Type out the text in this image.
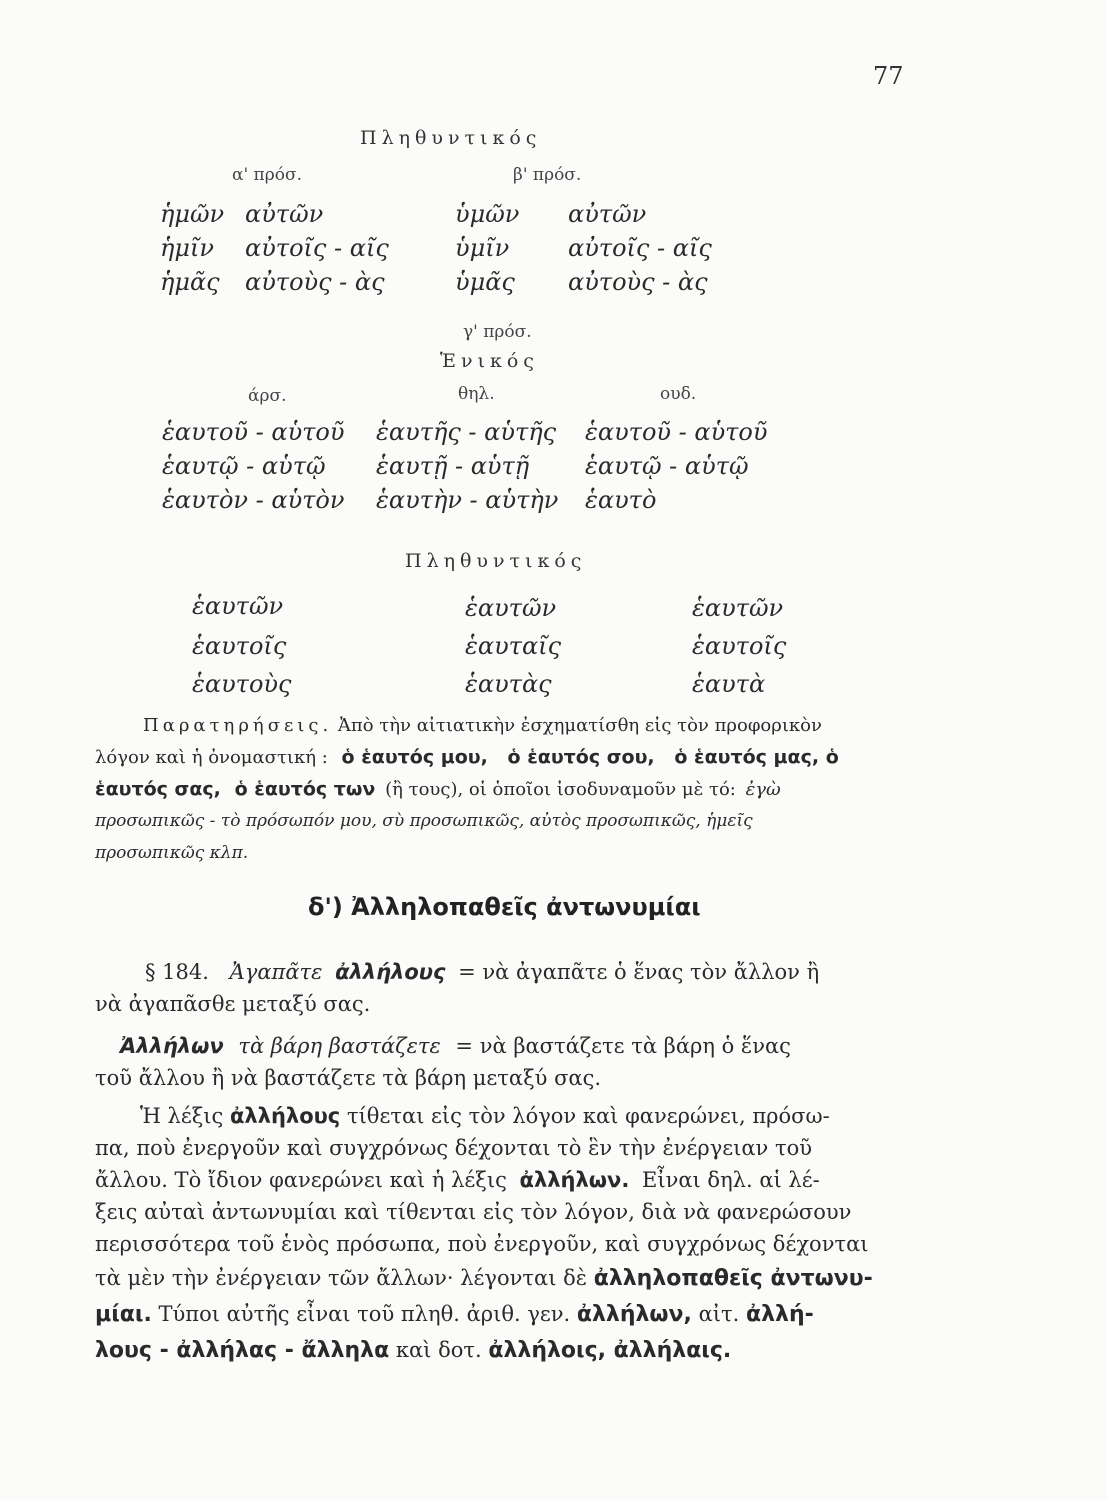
77
Πληθυντικός
α' πρόσ.	β' πρόσ.
ἡμῶν αὐτῶν	ὑμῶν αὐτῶν
ἡμῖν αὐτοῖς - αῖς	ὑμῖν αὐτοῖς - αῖς
ἡμᾶς αὐτοὺς - ὰς	ὑμᾶς αὐτοὺς - ὰς
γ' πρόσ.
Ἑνικός
άρσ.	θηλ.	ουδ.
ἑαυτοῦ - αὑτοῦ ἑαυτῆς - αὑτῆς ἑαυτοῦ - αὑτοῦ
ἑαυτῷ - αὑτῷ ἑαυτῇ - αὑτῇ ἑαυτῷ - αὑτῷ
ἑαυτὸν - αὑτὸν ἑαυτὴν - αὑτὴν ἑαυτὸ
Πληθυντικός
ἑαυτῶν	ἑαυτῶν	ἑαυτῶν
ἑαυτοῖς	ἑαυταῖς	ἑαυτοῖς
ἑαυτοὺς	ἑαυτὰς	ἑαυτὰ
Παρατηρήσεις. Ἀπὸ τὴν αἰτιατικὴν ἐσχηματίσθη εἰς τὸν προφορικὸν
λόγον καὶ ἡ ὀνομαστική : ὁ ἑαυτός μου, ὁ ἑαυτός σου, ὁ ἑαυτός μας, ὁ
ἑαυτός σας, ὁ ἑαυτός των (ἢ τους), οἱ ὁποῖοι ἰσοδυναμοῦν μὲ τό: ἐγὼ
προσωπικῶς - τὸ πρόσωπόν μου, σὺ προσωπικῶς, αὐτὸς προσωπικῶς, ἡμεῖς
προσωπικῶς κλπ.
δ') Ἀλληλοπαθεῖς ἀντωνυμίαι
§ 184. Ἀγαπᾶτε ἀλλήλους = νὰ ἀγαπᾶτε ὁ ἕνας τὸν ἄλλον ἢ
νὰ ἀγαπᾶσθε μεταξύ σας.
Ἀλλήλων τὰ βάρη βαστάζετε = νὰ βαστάζετε τὰ βάρη ὁ ἕνας
τοῦ ἄλλου ἢ νὰ βαστάζετε τὰ βάρη μεταξύ σας.
Ἡ λέξις ἀλλήλους τίθεται εἰς τὸν λόγον καὶ φανερώνει, πρόσω-
πα, ποὺ ἐνεργοῦν καὶ συγχρόνως δέχονται τὸ ἓν τὴν ἐνέργειαν τοῦ
ἄλλου. Τὸ ἴδιον φανερώνει καὶ ἡ λέξις ἀλλήλων. Εἶναι δηλ. αἱ λέ-
ξεις αὐταὶ ἀντωνυμίαι καὶ τίθενται εἰς τὸν λόγον, διὰ νὰ φανερώσουν
περισσότερα τοῦ ἑνὸς πρόσωπα, ποὺ ἐνεργοῦν, καὶ συγχρόνως δέχονται
τὰ μὲν τὴν ἐνέργειαν τῶν ἄλλων· λέγονται δὲ ἀλληλοπαθεῖς ἀντωνυ-
μίαι. Τύποι αὐτῆς εἶναι τοῦ πληθ. ἀριθ. γεν. ἀλλήλων, αἰτ. ἀλλή-
λους - ἀλλήλας - ἄλληλα καὶ δοτ. ἀλλήλοις, ἀλλήλαις.
